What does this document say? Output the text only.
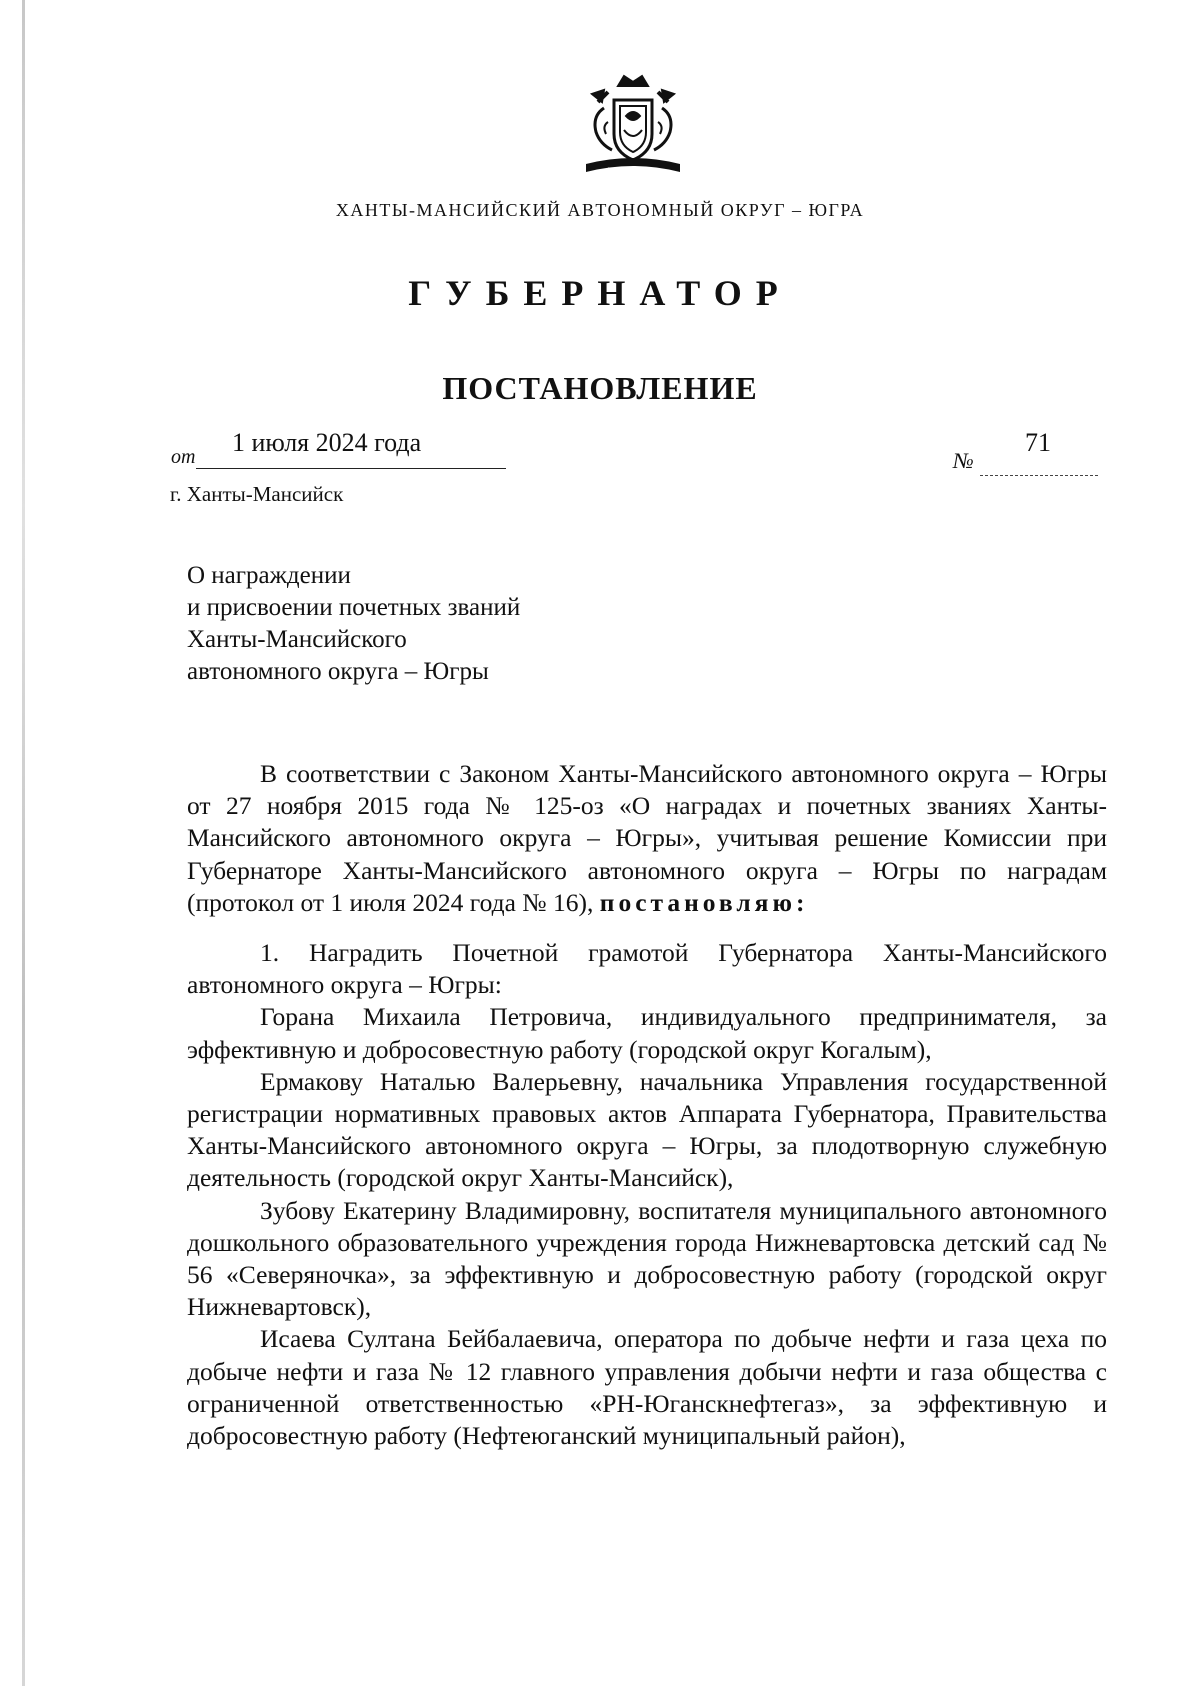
ХАНТЫ-МАНСИЙСКИЙ АВТОНОМНЫЙ ОКРУГ – ЮГРА
ГУБЕРНАТОР
ПОСТАНОВЛЕНИЕ
от 1 июля 2024 года
№
71
г. Ханты-Мансийск
О награждении
и присвоении почетных званий
Ханты-Мансийского
автономного округа – Югры

В соответствии с Законом Ханты-Мансийского автономного округа – Югры от 27 ноября 2015 года № 125-оз «О наградах и почетных званиях Ханты-Мансийского автономного округа – Югры», учитывая решение Комиссии при Губернаторе Ханты-Мансийского автономного округа – Югры по наградам (протокол от 1 июля 2024 года № 16), постановляю:

1. Наградить Почетной грамотой Губернатора Ханты-Мансийского автономного округа – Югры:

Горана Михаила Петровича, индивидуального предпринимателя, за эффективную и добросовестную работу (городской округ Когалым),

Ермакову Наталью Валерьевну, начальника Управления государственной регистрации нормативных правовых актов Аппарата Губернатора, Правительства Ханты-Мансийского автономного округа – Югры, за плодотворную служебную деятельность (городской округ Ханты-Мансийск),

Зубову Екатерину Владимировну, воспитателя муниципального автономного дошкольного образовательного учреждения города Нижневартовска детский сад № 56 «Северяночка», за эффективную и добросовестную работу (городской округ Нижневартовск),

Исаева Султана Бейбалаевича, оператора по добыче нефти и газа цеха по добыче нефти и газа № 12 главного управления добычи нефти и газа общества с ограниченной ответственностью «РН-Юганскнефтегаз», за эффективную и добросовестную работу (Нефтеюганский муниципальный район),
